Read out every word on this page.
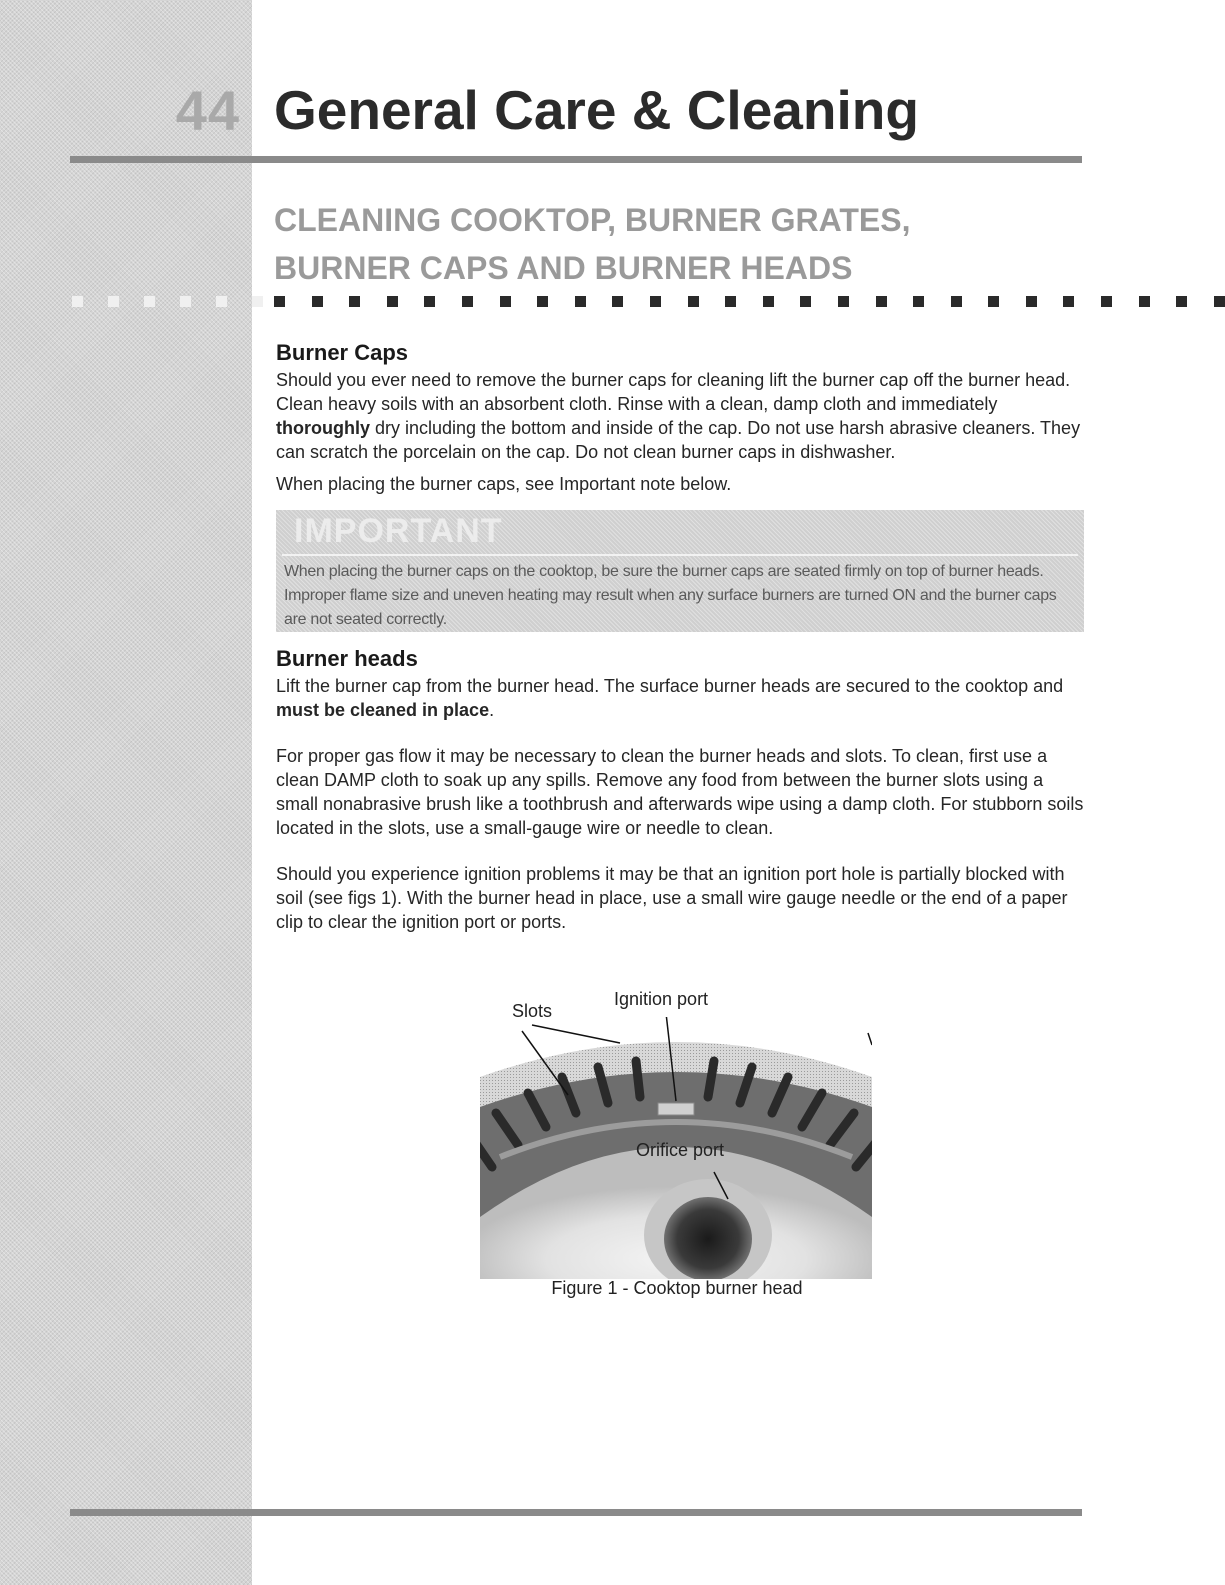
44 General Care & Cleaning
CLEANING COOKTOP, BURNER GRATES, BURNER CAPS AND BURNER HEADS
Burner Caps

Should you ever need to remove the burner caps for cleaning lift the burner cap off the burner head. Clean heavy soils with an absorbent cloth. Rinse with a clean, damp cloth and immediately thoroughly dry including the bottom and inside of the cap. Do not use harsh abrasive cleaners. They can scratch the porcelain on the cap. Do not clean burner caps in dishwasher.

When placing the burner caps, see Important note below.

IMPORTANT
When placing the burner caps on the cooktop, be sure the burner caps are seated firmly on top of burner heads. Improper flame size and uneven heating may result when any surface burners are turned ON and the burner caps are not seated correctly.
Burner heads

Lift the burner cap from the burner head. The surface burner heads are secured to the cooktop and must be cleaned in place.

For proper gas flow it may be necessary to clean the burner heads and slots. To clean, first use a clean DAMP cloth to soak up any spills. Remove any food from between the burner slots using a small nonabrasive brush like a toothbrush and afterwards wipe using a damp cloth. For stubborn soils located in the slots, use a small-gauge wire or needle to clean.

Should you experience ignition problems it may be that an ignition port hole is partially blocked with soil (see figs 1). With the burner head in place, use a small wire gauge needle or the end of a paper clip to clear the ignition port or ports.

Slots
Ignition port
Orifice port
Figure 1 - Cooktop burner head
